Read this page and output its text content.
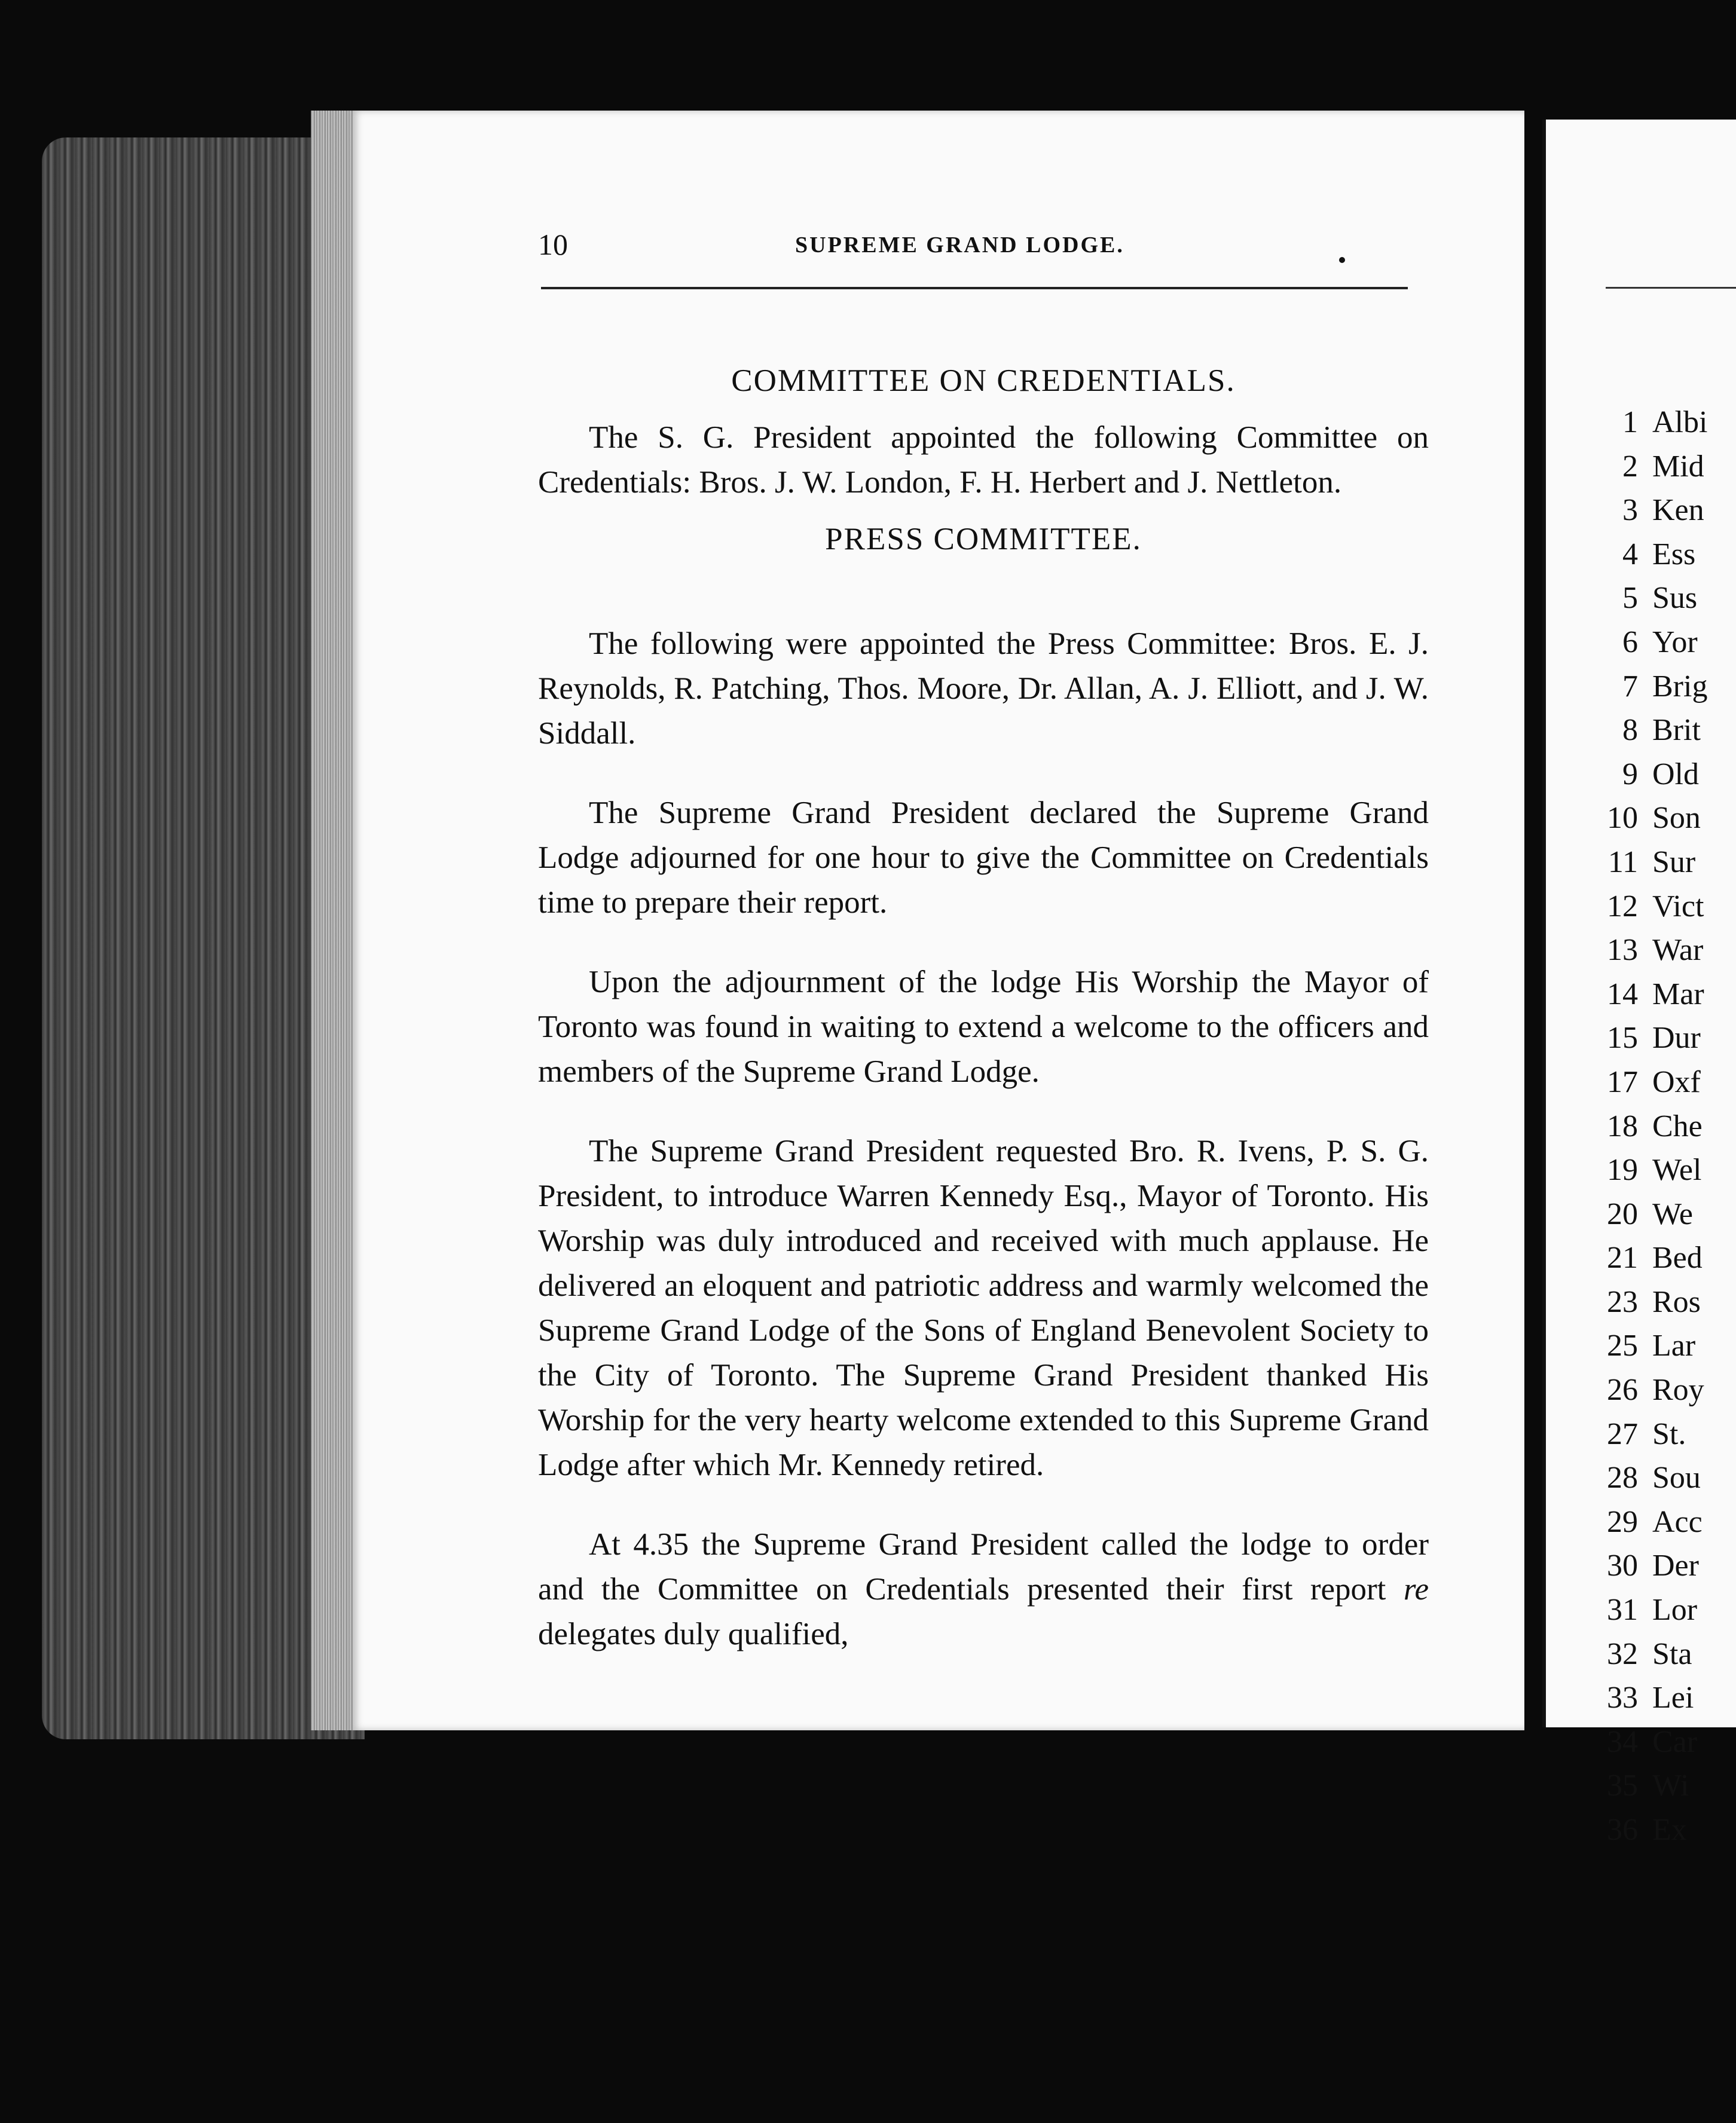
10	SUPREME GRAND LODGE.

COMMITTEE ON CREDENTIALS.

The S. G. President appointed the following Committee on Credentials: Bros. J. W. London, F. H. Herbert and J. Nettleton.

PRESS COMMITTEE.

The following were appointed the Press Committee: Bros. E. J. Reynolds, R. Patching, Thos. Moore, Dr. Allan, A. J. Elliott, and J. W. Siddall.

The Supreme Grand President declared the Supreme Grand Lodge adjourned for one hour to give the Committee on Credentials time to prepare their report.

Upon the adjournment of the lodge His Worship the Mayor of Toronto was found in waiting to extend a welcome to the officers and members of the Supreme Grand Lodge.

The Supreme Grand President requested Bro. R. Ivens, P. S. G. President, to introduce Warren Kennedy Esq., Mayor of Toronto. His Worship was duly introduced and received with much applause. He delivered an eloquent and patriotic address and warmly welcomed the Supreme Grand Lodge of the Sons of England Benevolent Society to the City of Toronto. The Supreme Grand President thanked His Worship for the very hearty welcome extended to this Supreme Grand Lodge after which Mr. Kennedy retired.

At 4.35 the Supreme Grand President called the lodge to order and the Committee on Credentials presented their first report re delegates duly qualified,

1 Albi
2 Mid
3 Ken
4 Ess
5 Sus
6 Yor
7 Brig
8 Brit
9 Old
10 Son
11 Sur
12 Vict
13 War
14 Mar
15 Dur
17 Oxf
18 Che
19 Wel
20 We
21 Bed
23 Ros
25 Lar
26 Roy
27 St.
28 Sou
29 Acc
30 Der
31 Lor
32 Sta
33 Lei
34 Car
35 Wi
36 Ex
